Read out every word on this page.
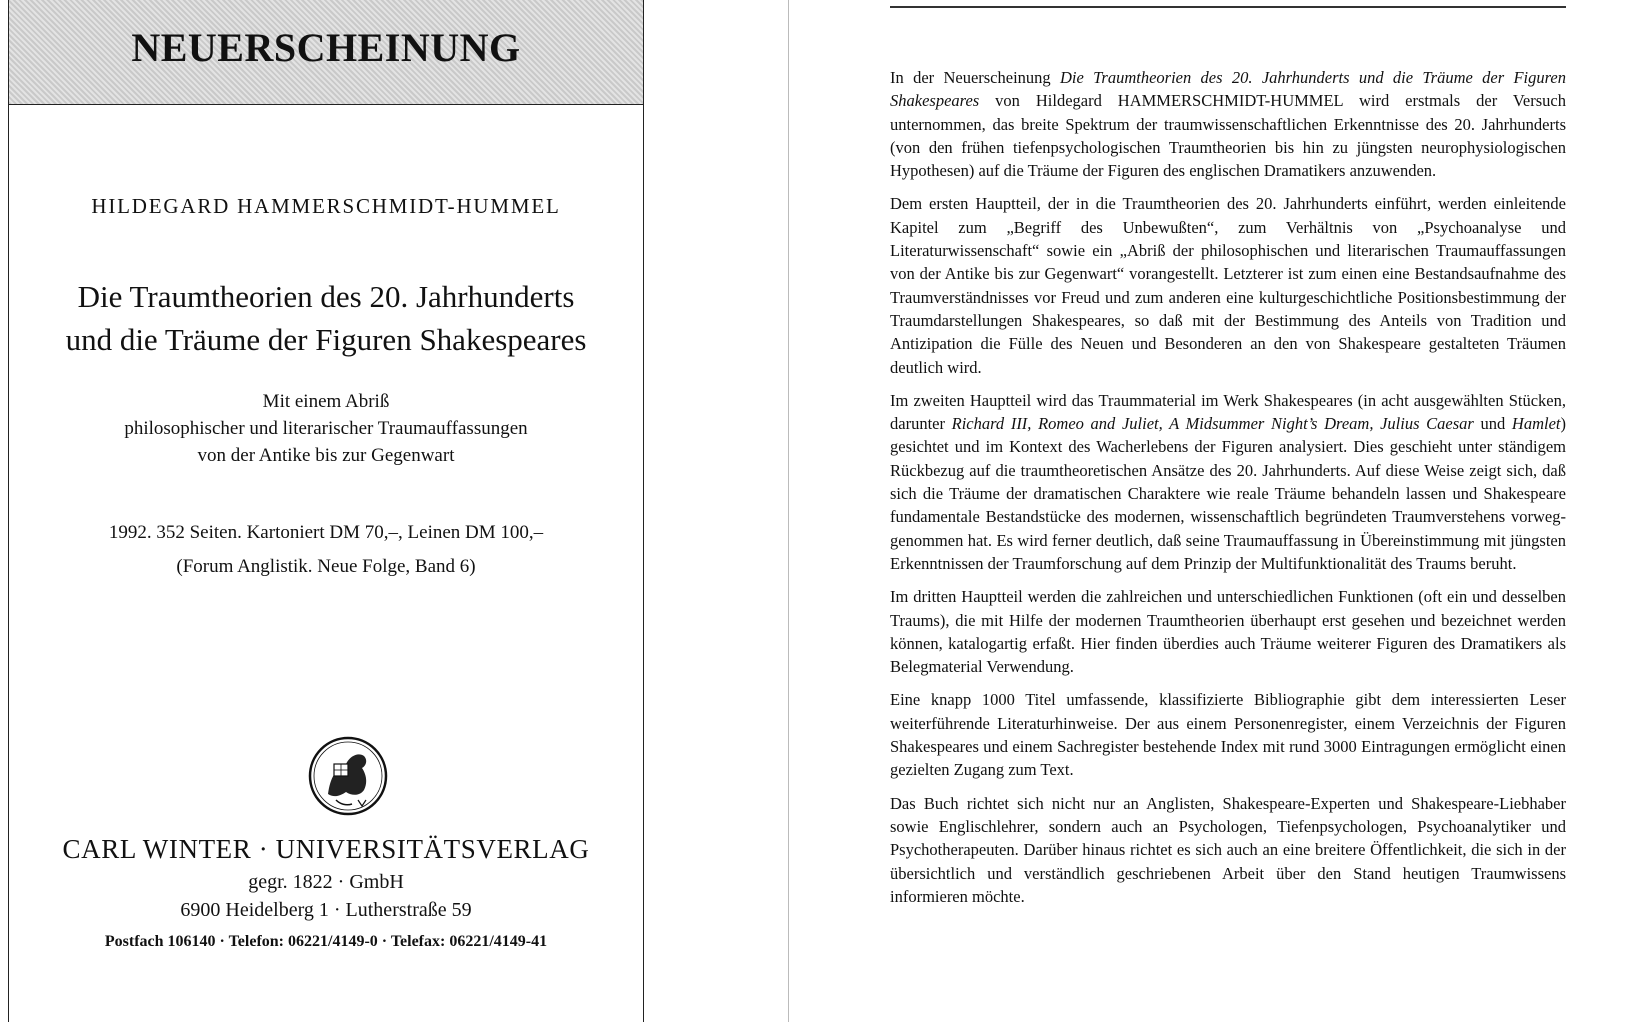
NEUERSCHEINUNG
HILDEGARD HAMMERSCHMIDT-HUMMEL
Die Traumtheorien des 20. Jahrhunderts
und die Träume der Figuren Shakespeares
Mit einem Abriß
philosophischer und literarischer Traumauffassungen
von der Antike bis zur Gegenwart
1992. 352 Seiten. Kartoniert DM 70,–, Leinen DM 100,–
(Forum Anglistik. Neue Folge, Band 6)
CARL WINTER · UNIVERSITÄTSVERLAG
gegr. 1822 · GmbH
6900 Heidelberg 1 · Lutherstraße 59
Postfach 106140 · Telefon: 06221/4149-0 · Telefax: 06221/4149-41

In der Neuerscheinung Die Traumtheorien des 20. Jahrhunderts und die Träume der Figuren Shakespeares von Hildegard HAMMERSCHMIDT-HUMMEL wird erstmals der Versuch unternommen, das breite Spektrum der traumwissenschaftlichen Erkenntnisse des 20. Jahrhunderts (von den frühen tiefenpsychologischen Traumtheorien bis hin zu jüngsten neurophysiologischen Hypothesen) auf die Träume der Figuren des englischen Dramatikers anzuwenden.

Dem ersten Hauptteil, der in die Traumtheorien des 20. Jahrhunderts einführt, werden einleitende Kapitel zum „Begriff des Unbewußten“, zum Verhältnis von „Psychoanalyse und Literaturwissenschaft“ sowie ein „Abriß der philosophischen und literarischen Traumauffassungen von der Antike bis zur Gegenwart“ vorangestellt. Letzterer ist zum einen eine Bestandsaufnahme des Traumverständnisses vor Freud und zum anderen eine kulturgeschichtliche Positionsbestimmung der Traumdarstellungen Shakespeares, so daß mit der Bestimmung des Anteils von Tradition und Antizipation die Fülle des Neuen und Besonderen an den von Shakespeare gestalteten Träumen deutlich wird.

Im zweiten Hauptteil wird das Traummaterial im Werk Shakespeares (in acht ausgewählten Stücken, darunter Richard III, Romeo and Juliet, A Midsummer Night’s Dream, Julius Caesar und Hamlet) gesichtet und im Kontext des Wacherlebens der Figuren analysiert. Dies geschieht unter ständigem Rückbezug auf die traumtheoretischen Ansätze des 20. Jahrhunderts. Auf diese Weise zeigt sich, daß sich die Träume der dramatischen Charaktere wie reale Träume behandeln lassen und Shakespeare fundamentale Bestandstücke des modernen, wissenschaftlich begründeten Traumverstehens vorweggenommen hat. Es wird ferner deutlich, daß seine Traumauffassung in Übereinstimmung mit jüngsten Erkenntnissen der Traumforschung auf dem Prinzip der Multifunktionalität des Traums beruht.

Im dritten Hauptteil werden die zahlreichen und unterschiedlichen Funktionen (oft ein und desselben Traums), die mit Hilfe der modernen Traumtheorien überhaupt erst gesehen und bezeichnet werden können, katalogartig erfaßt. Hier finden überdies auch Träume weiterer Figuren des Dramatikers als Belegmaterial Verwendung.

Eine knapp 1000 Titel umfassende, klassifizierte Bibliographie gibt dem interessierten Leser weiterführende Literaturhinweise. Der aus einem Personenregister, einem Verzeichnis der Figuren Shakespeares und einem Sachregister bestehende Index mit rund 3000 Eintragungen ermöglicht einen gezielten Zugang zum Text.

Das Buch richtet sich nicht nur an Anglisten, Shakespeare-Experten und Shakespeare-Liebhaber sowie Englischlehrer, sondern auch an Psychologen, Tiefenpsychologen, Psychoanalytiker und Psychotherapeuten. Darüber hinaus richtet es sich auch an eine breitere Öffentlichkeit, die sich in der übersichtlich und verständlich geschriebenen Arbeit über den Stand heutigen Traumwissens informieren möchte.
